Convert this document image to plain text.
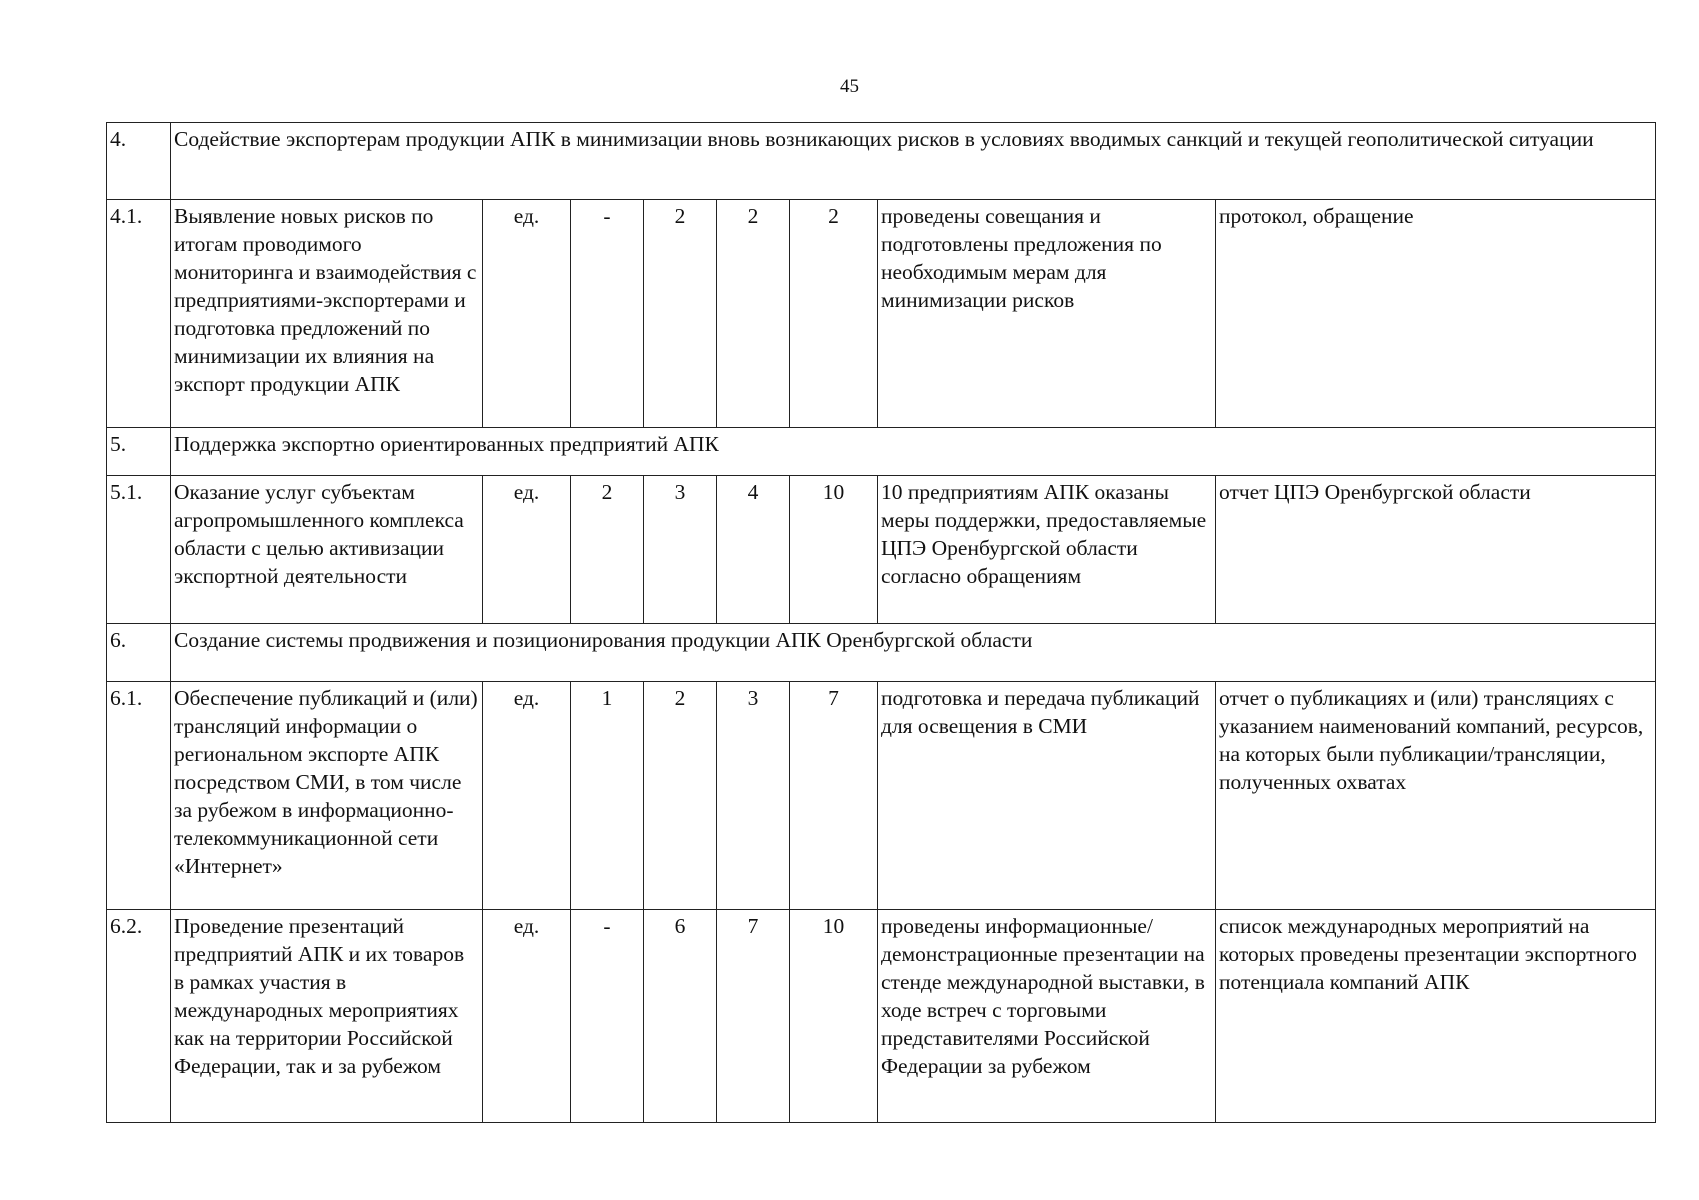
45
4.	Содействие экспортерам продукции АПК в минимизации вновь возникающих рисков в условиях вводимых санкций и текущей геополитической ситуации							
4.1.	Выявление новых рисков по итогам проводимого мониторинга и взаимодействия с предприятиями-экспортерами и подготовка предложений по минимизации их влияния на экспорт продукции АПК	ед.	-	2	2	2	проведены совещания и подготовлены предложения по необходимым мерам для минимизации рисков	протокол, обращение
5.	Поддержка экспортно ориентированных предприятий АПК							
5.1.	Оказание услуг субъектам агропромышленного комплекса области с целью активизации экспортной деятельности	ед.	2	3	4	10	10 предприятиям АПК оказаны меры поддержки, предоставляемые ЦПЭ Оренбургской области согласно обращениям	отчет ЦПЭ Оренбургской области
6.	Создание системы продвижения и позиционирования продукции АПК Оренбургской области							
6.1.	Обеспечение публикаций и (или) трансляций информации о региональном экспорте АПК посредством СМИ, в том числе за рубежом в информационно-телекоммуникационной сети «Интернет»	ед.	1	2	3	7	подготовка и передача публикаций для освещения в СМИ	отчет о публикациях и (или) трансляциях с указанием наименований компаний, ресурсов, на которых были публикации/трансляции, полученных охватах
6.2.	Проведение презентаций предприятий АПК и их товаров в рамках участия в международных мероприятиях как на территории Российской Федерации, так и за рубежом	ед.	-	6	7	10	проведены информационные/демонстрационные презентации на стенде международной выставки, в ходе встреч с торговыми представителями Российской Федерации за рубежом	список международных мероприятий на которых проведены презентации экспортного потенциала компаний АПК
